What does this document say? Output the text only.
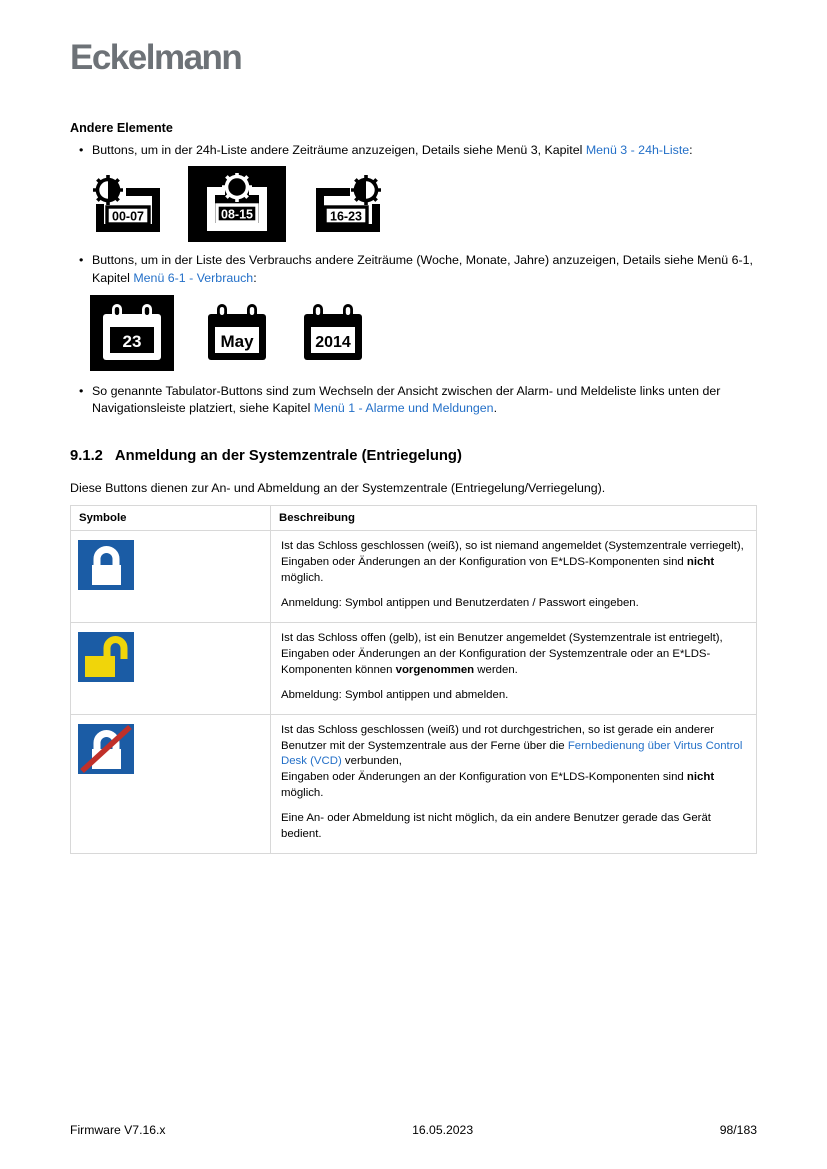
Eckelmann
Andere Elemente
•
Buttons, um in der 24h-Liste andere Zeiträume anzuzeigen, Details siehe Menü 3, Kapitel Menü 3 - 24h-Liste:
00-07	08-15	16-23
•
Buttons, um in der Liste des Verbrauchs andere Zeiträume (Woche, Monate, Jahre) anzuzeigen, Details siehe Menü 6-1, Kapitel Menü 6-1 - Verbrauch:
23	May	2014
•
So genannte Tabulator-Buttons sind zum Wechseln der Ansicht zwischen der Alarm- und Meldeliste links unten der Navigationsleiste platziert, siehe Kapitel Menü 1 - Alarme und Meldungen.
9.1.2 Anmeldung an der Systemzentrale (Entriegelung)

Diese Buttons dienen zur An- und Abmeldung an der Systemzentrale (Entriegelung/Verriegelung).

Symbole	Beschreibung

Ist das Schloss geschlossen (weiß), so ist niemand angemeldet (Systemzentrale verriegelt), Eingaben oder Änderungen an der Konfiguration von E*LDS-Komponenten sind nicht möglich.
Anmeldung: Symbol antippen und Benutzerdaten / Passwort eingeben.

Ist das Schloss offen (gelb), ist ein Benutzer angemeldet (Systemzentrale ist entriegelt), Eingaben oder Änderungen an der Konfiguration der Systemzentrale oder an E*LDS-Komponenten können vorgenommen werden.
Abmeldung: Symbol antippen und abmelden.

Ist das Schloss geschlossen (weiß) und rot durchgestrichen, so ist gerade ein anderer Benutzer mit der Systemzentrale aus der Ferne über die Fernbedienung über Virtus Control Desk (VCD) verbunden,
Eingaben oder Änderungen an der Konfiguration von E*LDS-Komponenten sind nicht möglich.
Eine An- oder Abmeldung ist nicht möglich, da ein andere Benutzer gerade das Gerät bedient.
Firmware V7.16.x	16.05.2023	98/183
